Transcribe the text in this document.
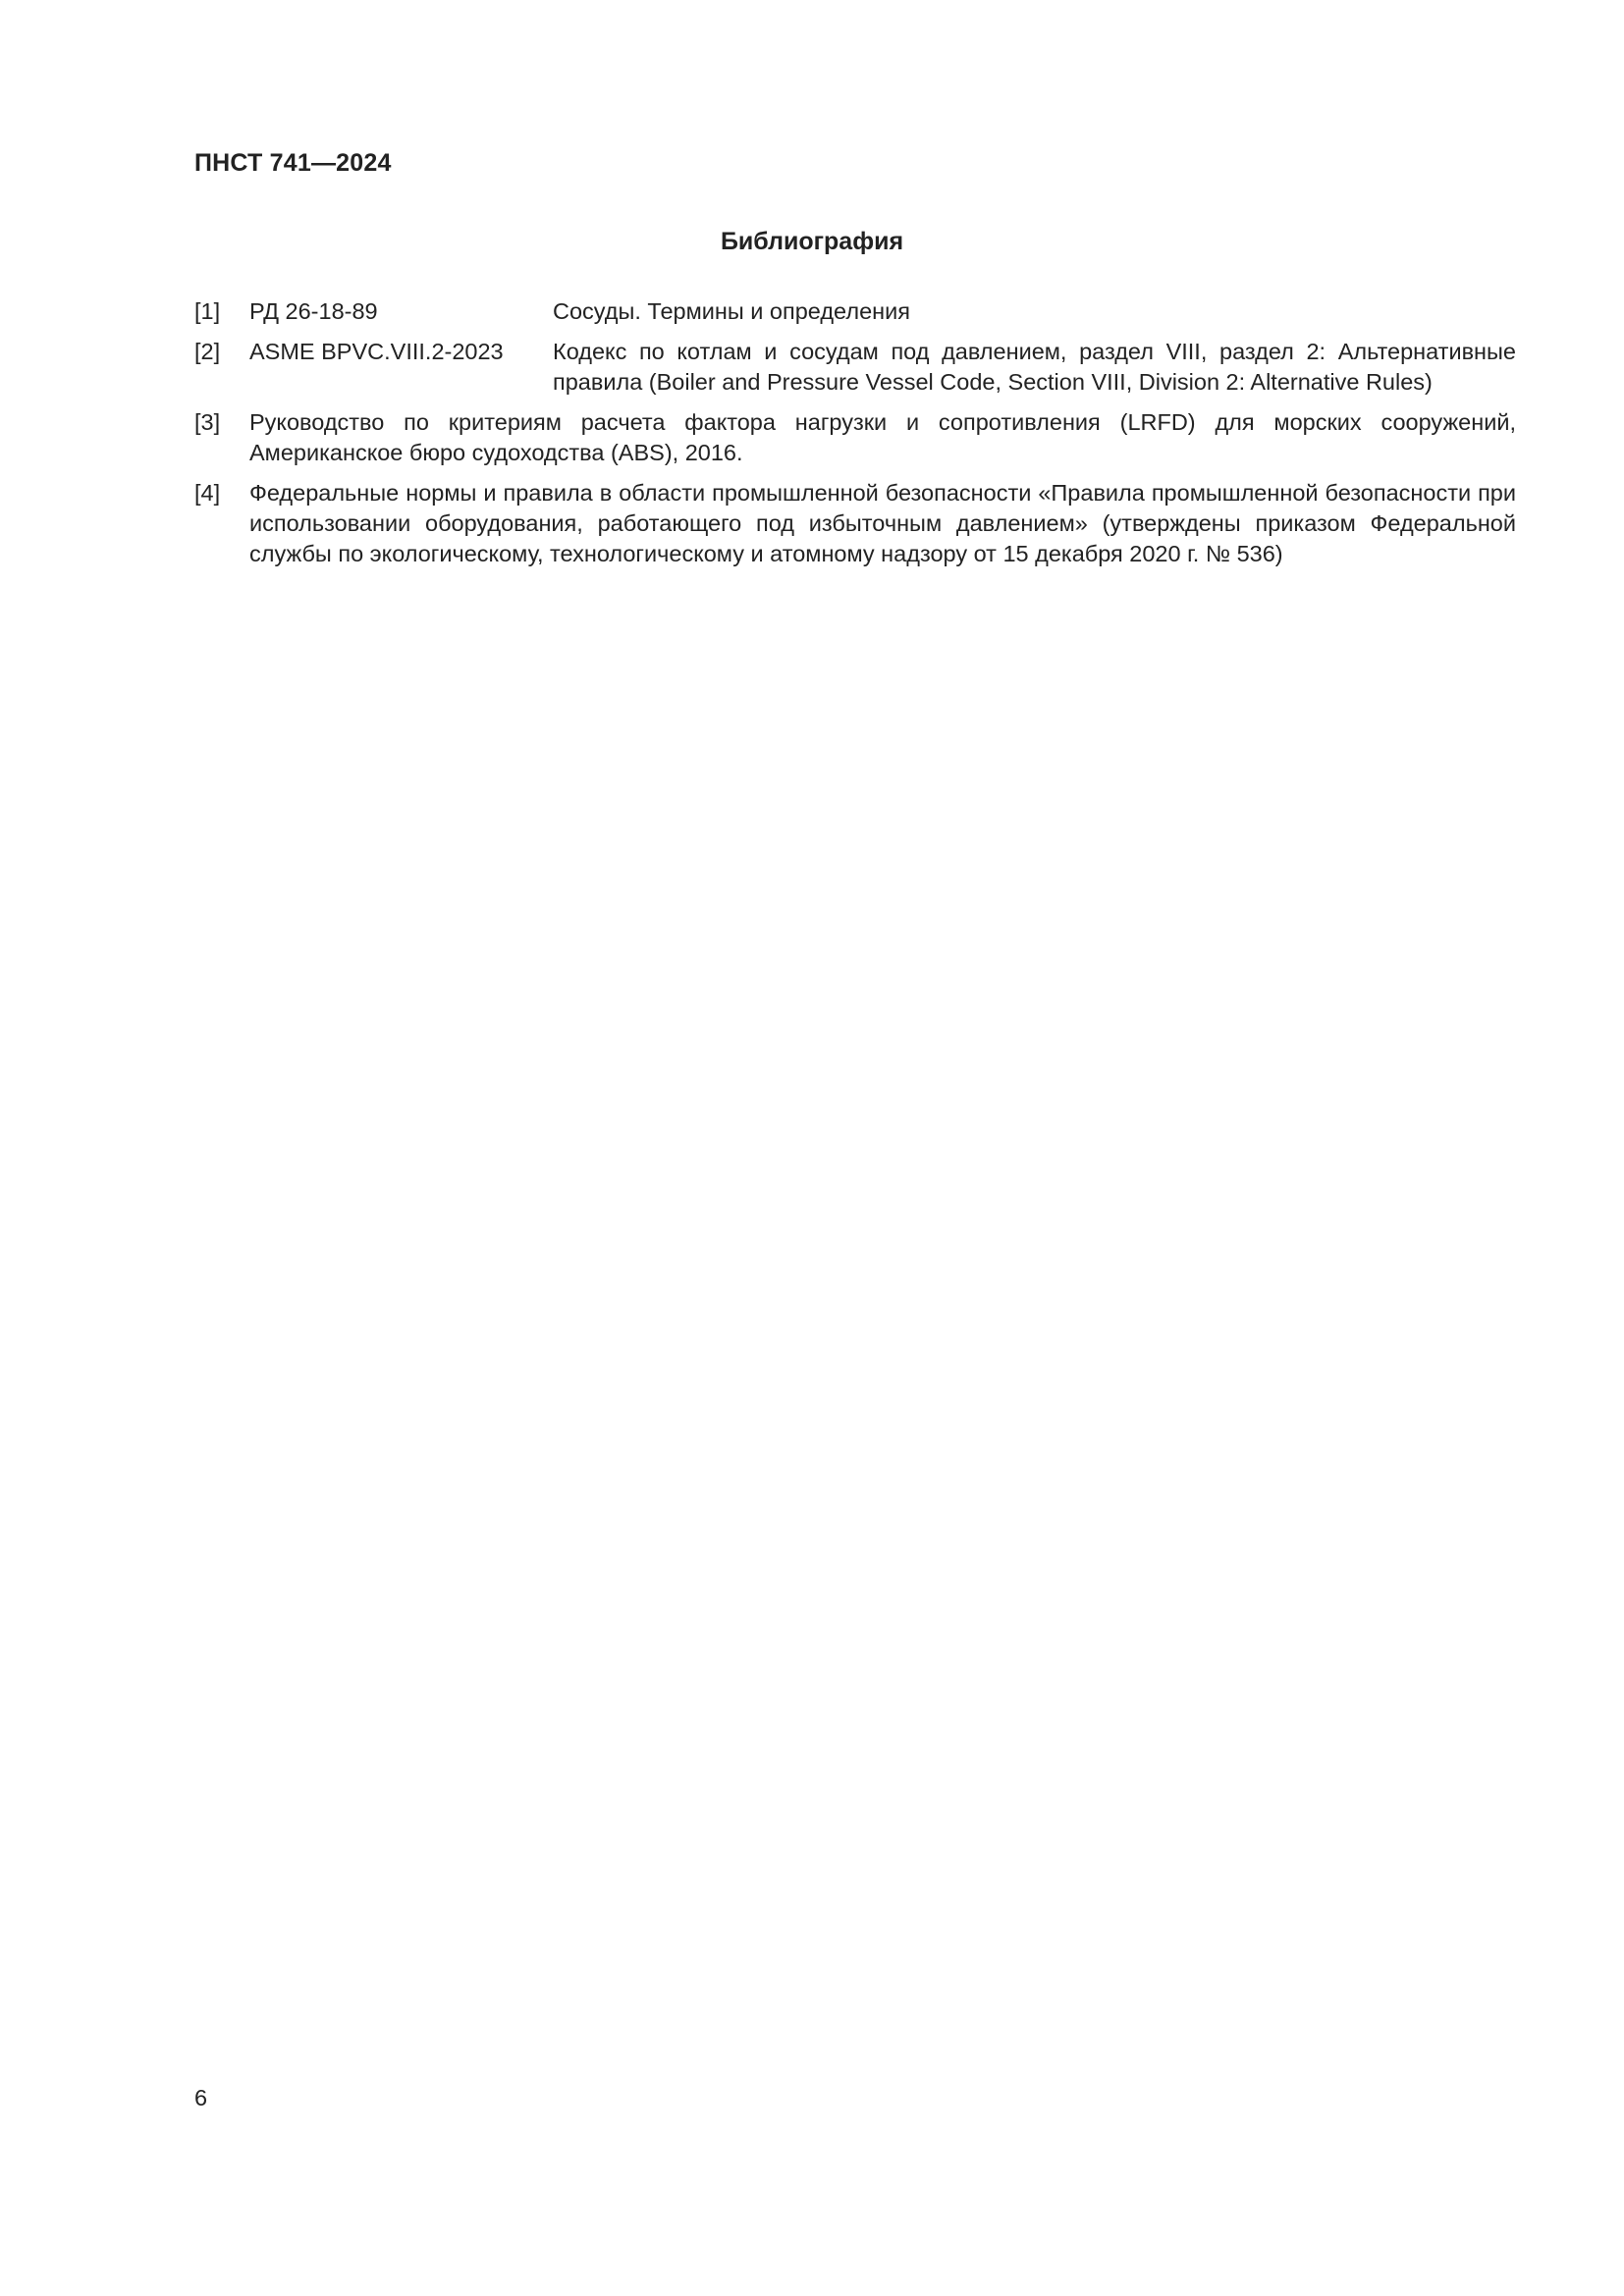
ПНСТ 741—2024
Библиография
[1]	РД 26-18-89	Сосуды. Термины и определения
[2]	ASME BPVC.VIII.2-2023	Кодекс по котлам и сосудам под давлением, раздел VIII, раздел 2: Альтернативные правила (Boiler and Pressure Vessel Code, Section VIII, Division 2: Alternative Rules)
[3]	Руководство по критериям расчета фактора нагрузки и сопротивления (LRFD) для морских сооружений, Американское бюро судоходства (ABS), 2016.
[4]	Федеральные нормы и правила в области промышленной безопасности «Правила промышленной безопасности при использовании оборудования, работающего под избыточным давлением» (утверждены приказом Федеральной службы по экологическому, технологическому и атомному надзору от 15 декабря 2020 г. № 536)
6
